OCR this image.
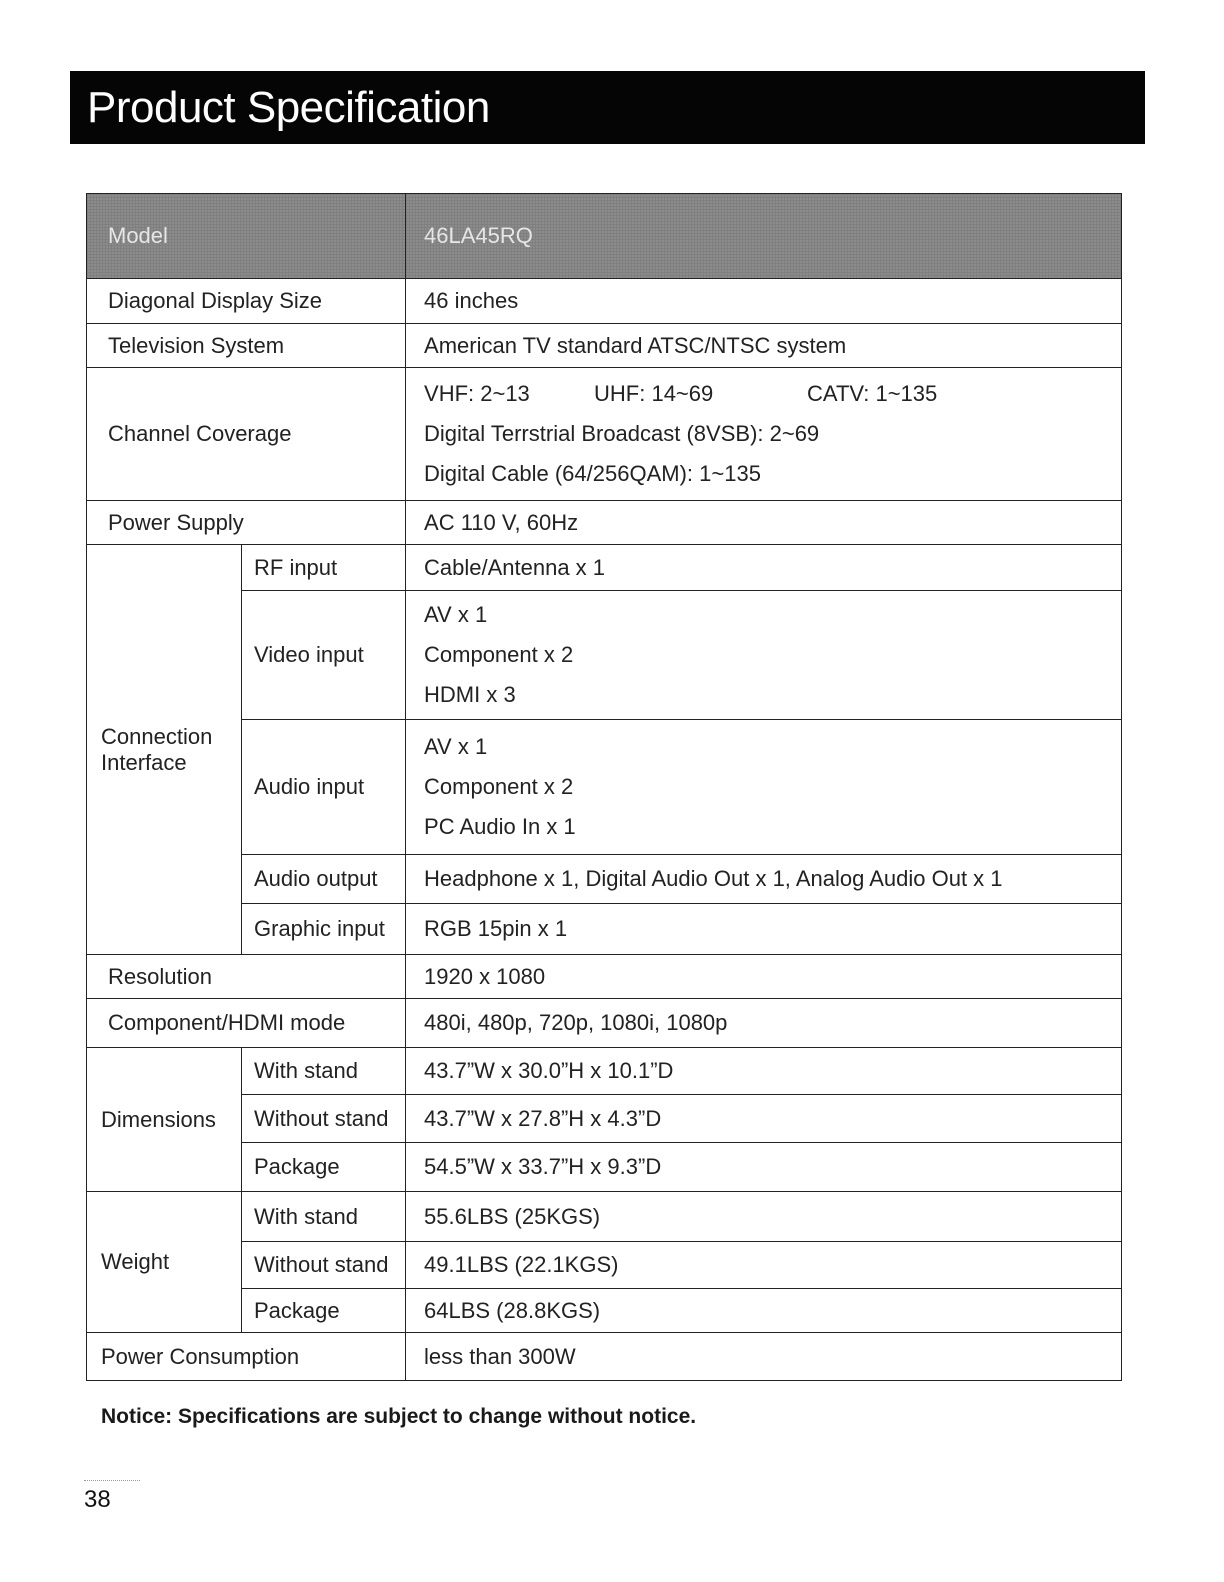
Product Specification
Model		46LA45RQ
Diagonal Display Size		46 inches
Television System		American TV standard ATSC/NTSC system
Channel Coverage		VHF: 2~13 UHF: 14~69 CATV: 1~135
Digital Terrstrial Broadcast (8VSB): 2~69
Digital Cable (64/256QAM): 1~135

Power Supply		AC 110 V, 60Hz

Connection
Interface	RF input	Cable/Antenna x 1
	Video input	AV x 1
Component x 2
HDMI x 3

	Audio input	AV x 1
Component x 2
PC Audio In x 1

	Audio output	Headphone x 1, Digital Audio Out x 1, Analog Audio Out x 1
	Graphic input	RGB 15pin x 1
Resolution		1920 x 1080
Component/HDMI mode		480i, 480p, 720p, 1080i, 1080p
Dimensions	With stand	43.7”W x 30.0”H x 10.1”D
	Without stand	43.7”W x 27.8”H x 4.3”D
	Package	54.5”W x 33.7”H x 9.3”D
Weight	With stand	55.6LBS (25KGS)
	Without stand	49.1LBS (22.1KGS)
	Package	64LBS (28.8KGS)
Power Consumption		less than 300W
Notice: Specifications are subject to change without notice.
38
